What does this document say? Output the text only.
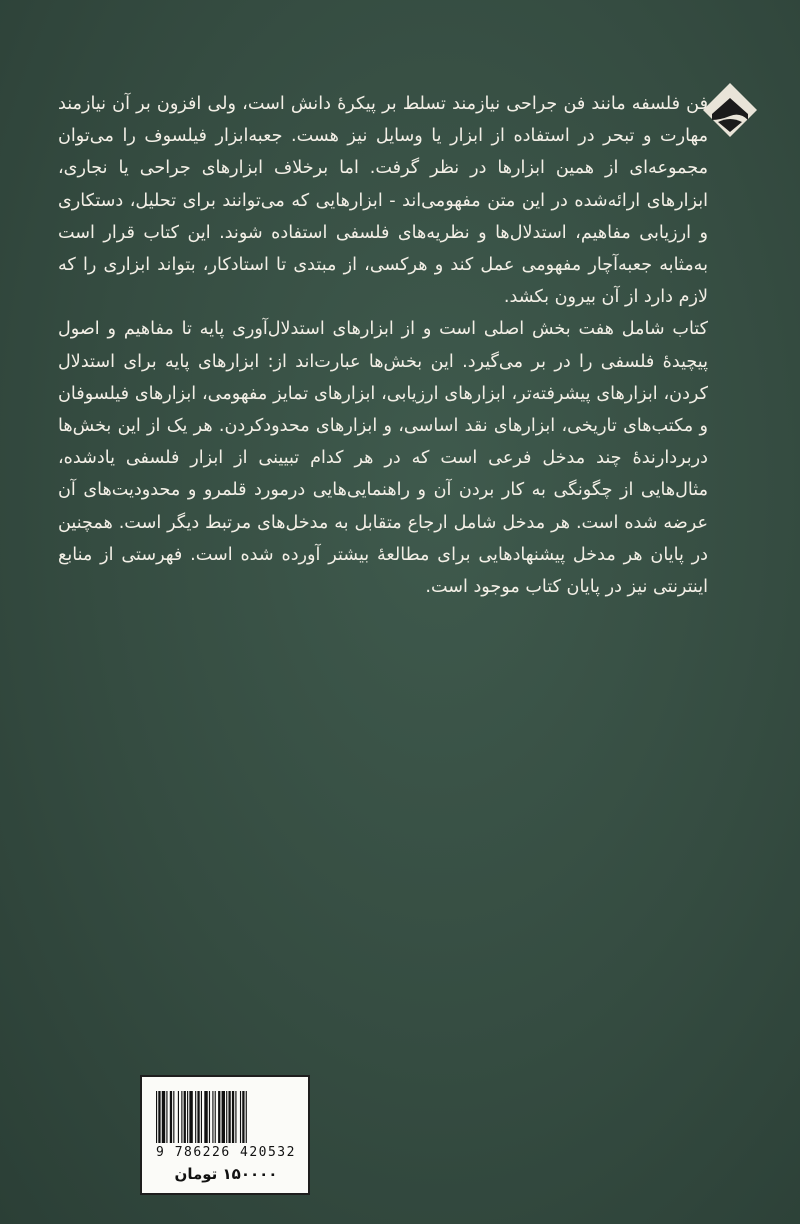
فن فلسفه مانند فن جراحی نیازمند تسلط بر پیکرهٔ دانش است، ولی افزون بر آن نیازمند مهارت و تبحر در استفاده از ابزار یا وسایل نیز هست. جعبه‌ابزار فیلسوف را می‌توان مجموعه‌ای از همین ابزارها در نظر گرفت. اما برخلاف ابزارهای جراحی یا نجاری، ابزارهای ارائه‌شده در این متن مفهومی‌اند - ابزارهایی که می‌توانند برای تحلیل، دستکاری و ارزیابی مفاهیم، استدلال‌ها و نظریه‌های فلسفی استفاده شوند. این کتاب قرار است به‌مثابه جعبه‌آچار مفهومی عمل کند و هرکسی، از مبتدی تا استادکار، بتواند ابزاری را که لازم دارد از آن بیرون بکشد.

کتاب شامل هفت بخش اصلی است و از ابزارهای استدلال‌آوری پایه تا مفاهیم و اصول پیچیدهٔ فلسفی را در بر می‌گیرد. این بخش‌ها عبارت‌اند از: ابزارهای پایه برای استدلال کردن، ابزارهای پیشرفته‌تر، ابزارهای ارزیابی، ابزارهای تمایز مفهومی، ابزارهای فیلسوفان و مکتب‌های تاریخی، ابزارهای نقد اساسی، و ابزارهای محدودکردن. هر یک از این بخش‌ها دربردارندهٔ چند مدخل فرعی است که در هر کدام تبیینی از ابزار فلسفی یادشده، مثال‌هایی از چگونگی به کار بردن آن و راهنمایی‌هایی درمورد قلمرو و محدودیت‌های آن عرضه شده است. هر مدخل شامل ارجاع متقابل به مدخل‌های مرتبط دیگر است. همچنین در پایان هر مدخل پیشنهادهایی برای مطالعهٔ بیشتر آورده شده است. فهرستی از منابع اینترنتی نیز در پایان کتاب موجود است.

9 786226 420532
۱۵۰۰۰۰ تومان
